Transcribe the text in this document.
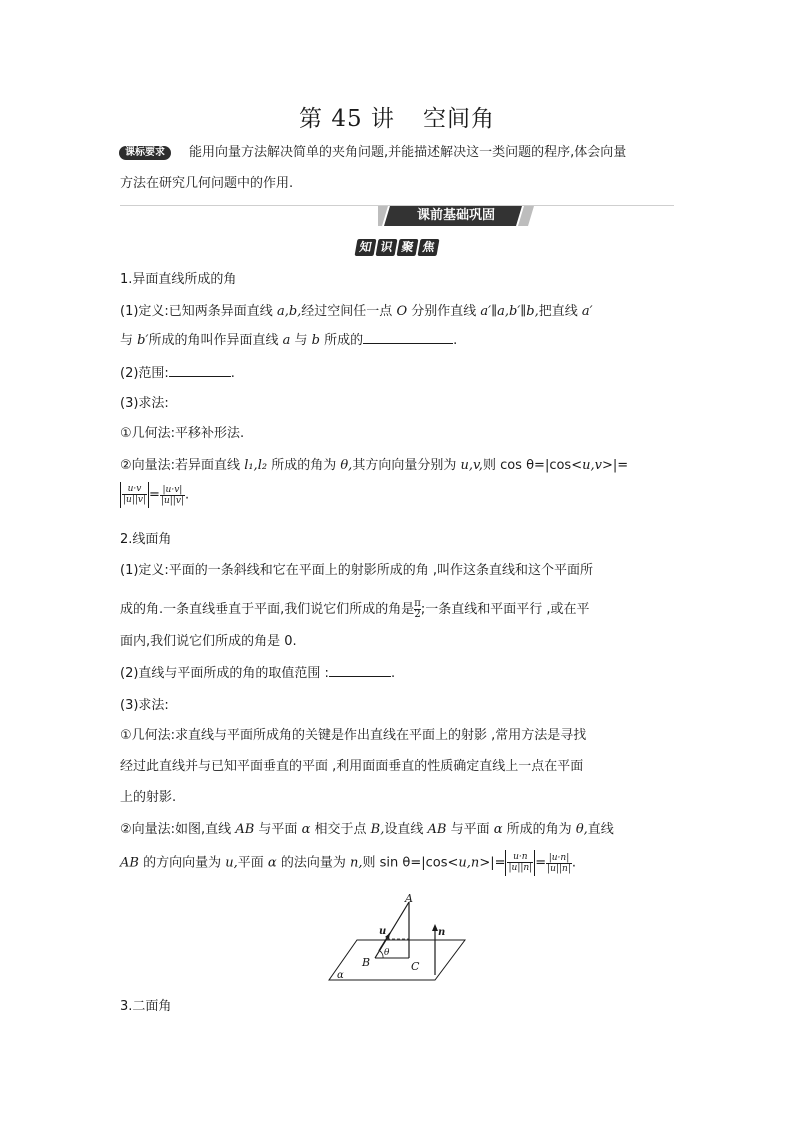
第 45 讲 空间角
课标要求	能用向量方法解决简单的夹角问题,并能描述解决这一类问题的程序,体会向量
方法在研究几何问题中的作用.
课前基础巩固
知 识 聚 焦
1.异面直线所成的角
(1)定义:已知两条异面直线 a,b,经过空间任一点 O 分别作直线 a′∥a,b′∥b,把直线 a′
与 b′所成的角叫作异面直线 a 与 b 所成的	.
(2)范围:	.
(3)求法:
①几何法:平移补形法.
②向量法:若异面直线 l₁,l₂ 所成的角为 θ,其方向向量分别为 u,v,则 cos θ=|cos<u,v>|=
$\frac{u\cdot v}{|u||v|} = \frac{|u\cdot v|}{|u||v|}$ .
2.线面角
(1)定义:平面的一条斜线和它在平面上的射影所成的角 ,叫作这条直线和这个平面所
成的角.一条直线垂直于平面,我们说它们所成的角是 $\frac{\pi}{2}$ ;一条直线和平面平行 ,或在平
面内,我们说它们所成的角是 0.
(2)直线与平面所成的角的取值范围 :	.
(3)求法:
①几何法:求直线与平面所成角的关键是作出直线在平面上的射影 ,常用方法是寻找
经过此直线并与已知平面垂直的平面 ,利用面面垂直的性质确定直线上一点在平面
上的射影.
②向量法:如图,直线 AB 与平面 α 相交于点 B,设直线 AB 与平面 α 所成的角为 θ,直线
AB 的方向向量为 u,平面 α 的法向量为 n,则 $\sin \theta=|\cos<u,n>|= \frac{u\cdot n}{|u||n|} = \frac{|u\cdot n|}{|u||n|}$ .
A
B	C
u	n
θ
α
3.二面角
